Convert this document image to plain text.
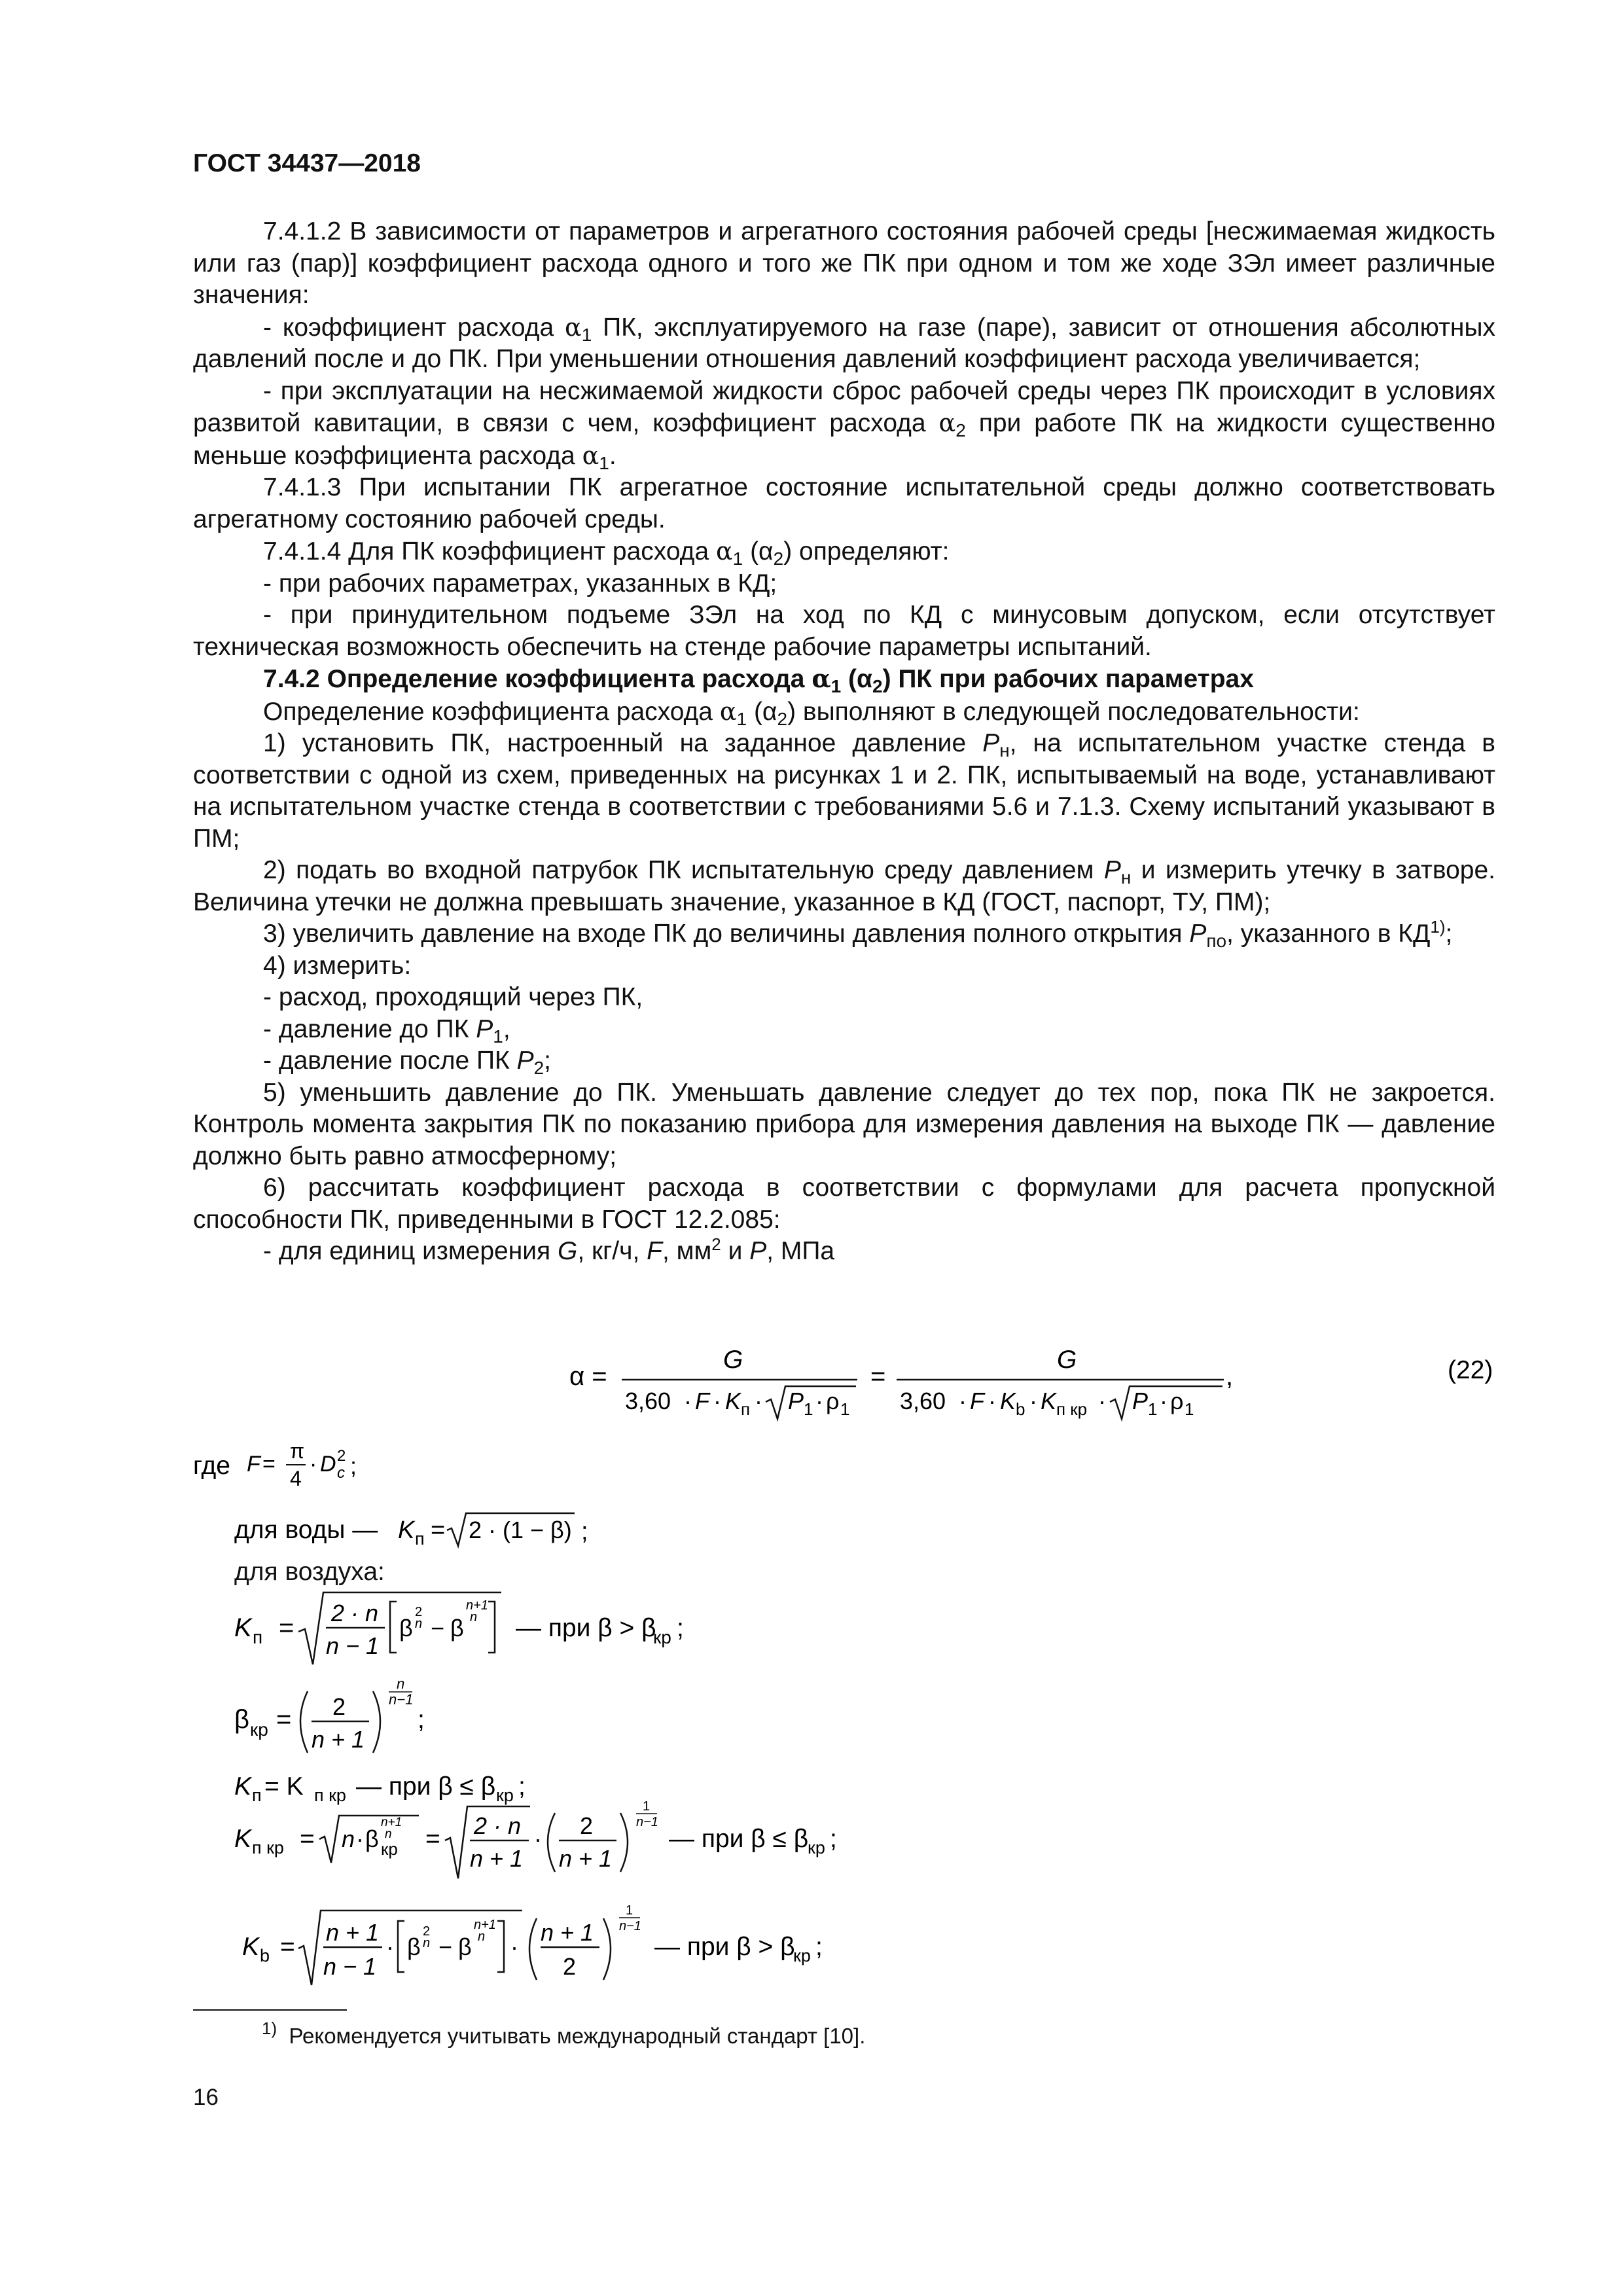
ГОСТ 34437—2018

7.4.1.2 В зависимости от параметров и агрегатного состояния рабочей среды [несжимаемая жидкость или газ (пар)] коэффициент расхода одного и того же ПК при одном и том же ходе ЗЭл имеет различные значения:

- коэффициент расхода $\alpha_1$ ПК, эксплуатируемого на газе (паре), зависит от отношения абсолютных давлений после и до ПК. При уменьшении отношения давлений коэффициент расхода увеличивается;

- при эксплуатации на несжимаемой жидкости сброс рабочей среды через ПК происходит в условиях развитой кавитации, в связи с чем, коэффициент расхода $\alpha_2$ при работе ПК на жидкости существенно меньше коэффициента расхода $\alpha_1$.

7.4.1.3 При испытании ПК агрегатное состояние испытательной среды должно соответствовать агрегатному состоянию рабочей среды.

7.4.1.4 Для ПК коэффициент расхода $\alpha_1$ $(\alpha_2)$ определяют:

- при рабочих параметрах, указанных в КД;

- при принудительном подъеме ЗЭл на ход по КД с минусовым допуском, если отсутствует техническая возможность обеспечить на стенде рабочие параметры испытаний.

7.4.2 Определение коэффициента расхода $\alpha_1$ $(\alpha_2)$ ПК при рабочих параметрах

Определение коэффициента расхода $\alpha_1$ $(\alpha_2)$ выполняют в следующей последовательности:

1) установить ПК, настроенный на заданное давление $P_н$, на испытательном участке стенда в соответствии с одной из схем, приведенных на рисунках 1 и 2. ПК, испытываемый на воде, устанавливают на испытательном участке стенда в соответствии с требованиями 5.6 и 7.1.3. Схему испытаний указывают в ПМ;

2) подать во входной патрубок ПК испытательную среду давлением $P_н$ и измерить утечку в затворе. Величина утечки не должна превышать значение, указанное в КД (ГОСТ, паспорт, ТУ, ПМ);

3) увеличить давление на входе ПК до величины давления полного открытия $P_{по}$, указанного в КД$^{1)}$;

4) измерить:

- расход, проходящий через ПК,

- давление до ПК $P_1$,

- давление после ПК $P_2$;

5) уменьшить давление до ПК. Уменьшать давление следует до тех пор, пока ПК не закроется. Контроль момента закрытия ПК по показанию прибора для измерения давления на выходе ПК — давление должно быть равно атмосферному;

6) рассчитать коэффициент расхода в соответствии с формулами для расчета пропускной способности ПК, приведенными в ГОСТ 12.2.085:

- для единиц измерения G, кг/ч, F, $мм^2$ и P, МПа

α =
G
3,60 · F · K п · P 1 · ρ 1
=
G
3,60 · F · K b · K п кр · P 1 · ρ 1
,	(22)
где F =
π
4
· D 2
c ;
для воды — K п = 2 · (1 − β) ;
для воздуха:
K п =
2 · n
n − 1
β
2
n − β
n+1
n — при β > β
кр ;
β кр = 2
n + 1
n
n−1
;
K п = K п кр — при β ≤ β кр ;
K п кр = n · β
n+1
n
кр = 2 · n
n + 1
· 2
n + 1
1
n−1
— при β ≤ β
кр ;
K b =
n + 1
n − 1
· β
2
n − β
n+1
n ·
n + 1
2
1
n−1
— при β > β
кр ;
$^{1)}$ Рекомендуется учитывать международный стандарт [10].
16
